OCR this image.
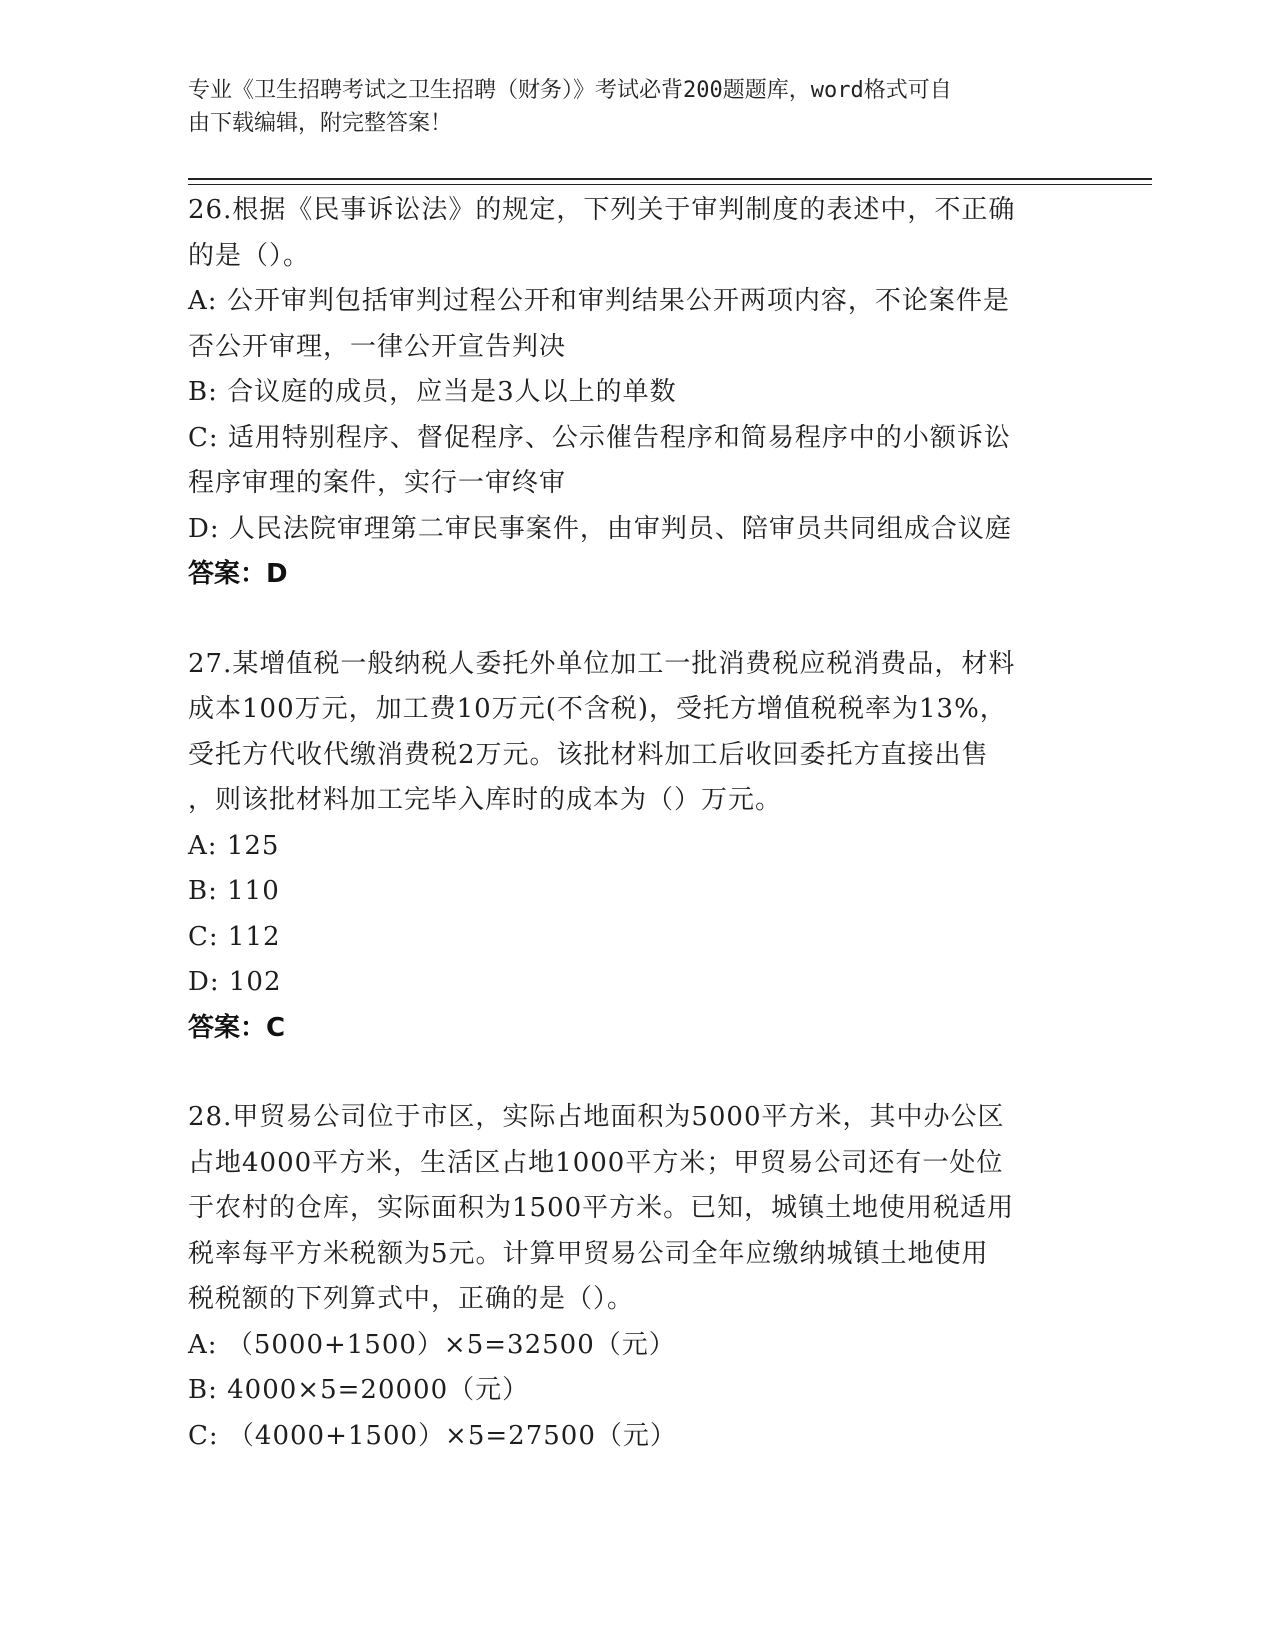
专业《卫生招聘考试之卫生招聘（财务）》考试必背200题题库，word格式可自
由下载编辑，附完整答案！
26.根据《民事诉讼法》的规定，下列关于审判制度的表述中，不正确
的是（）。
A: 公开审判包括审判过程公开和审判结果公开两项内容，不论案件是
否公开审理，一律公开宣告判决
B: 合议庭的成员，应当是3人以上的单数
C: 适用特别程序、督促程序、公示催告程序和简易程序中的小额诉讼
程序审理的案件，实行一审终审
D: 人民法院审理第二审民事案件，由审判员、陪审员共同组成合议庭
答案：D
27.某增值税一般纳税人委托外单位加工一批消费税应税消费品，材料
成本100万元，加工费10万元(不含税)，受托方增值税税率为13%，
受托方代收代缴消费税2万元。该批材料加工后收回委托方直接出售
，则该批材料加工完毕入库时的成本为（）万元。
A: 125
B: 110
C: 112
D: 102
答案：C
28.甲贸易公司位于市区，实际占地面积为5000平方米，其中办公区
占地4000平方米，生活区占地1000平方米；甲贸易公司还有一处位
于农村的仓库，实际面积为1500平方米。已知，城镇土地使用税适用
税率每平方米税额为5元。计算甲贸易公司全年应缴纳城镇土地使用
税税额的下列算式中，正确的是（）。
A: （5000+1500）×5=32500（元）
B: 4000×5=20000（元）
C: （4000+1500）×5=27500（元）
